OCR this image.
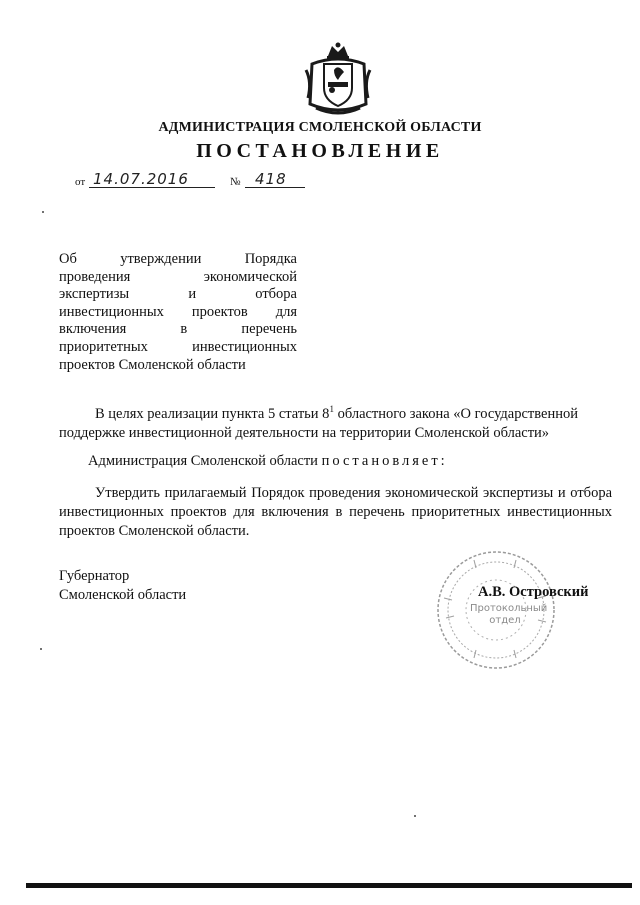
АДМИНИСТРАЦИЯ СМОЛЕНСКОЙ ОБЛАСТИ
ПОСТАНОВЛЕНИЕ
от 14.07.2016	№ 418
Об утверждении Порядка
проведения экономической
экспертизы и отбора
инвестиционных проектов для
включения в перечень
приоритетных инвестиционных
проектов Смоленской области
В целях реализации пункта 5 статьи $8^1$ областного закона «О государственной
поддержке инвестиционной деятельности на территории Смоленской области»
Администрация Смоленской области постановляет:
Утвердить прилагаемый Порядок проведения экономической экспертизы и отбора инвестиционных проектов для включения в перечень приоритетных инвестиционных проектов Смоленской области.
Губернатор
Смоленской области
Протокольный
отдел
А.В. Островский
